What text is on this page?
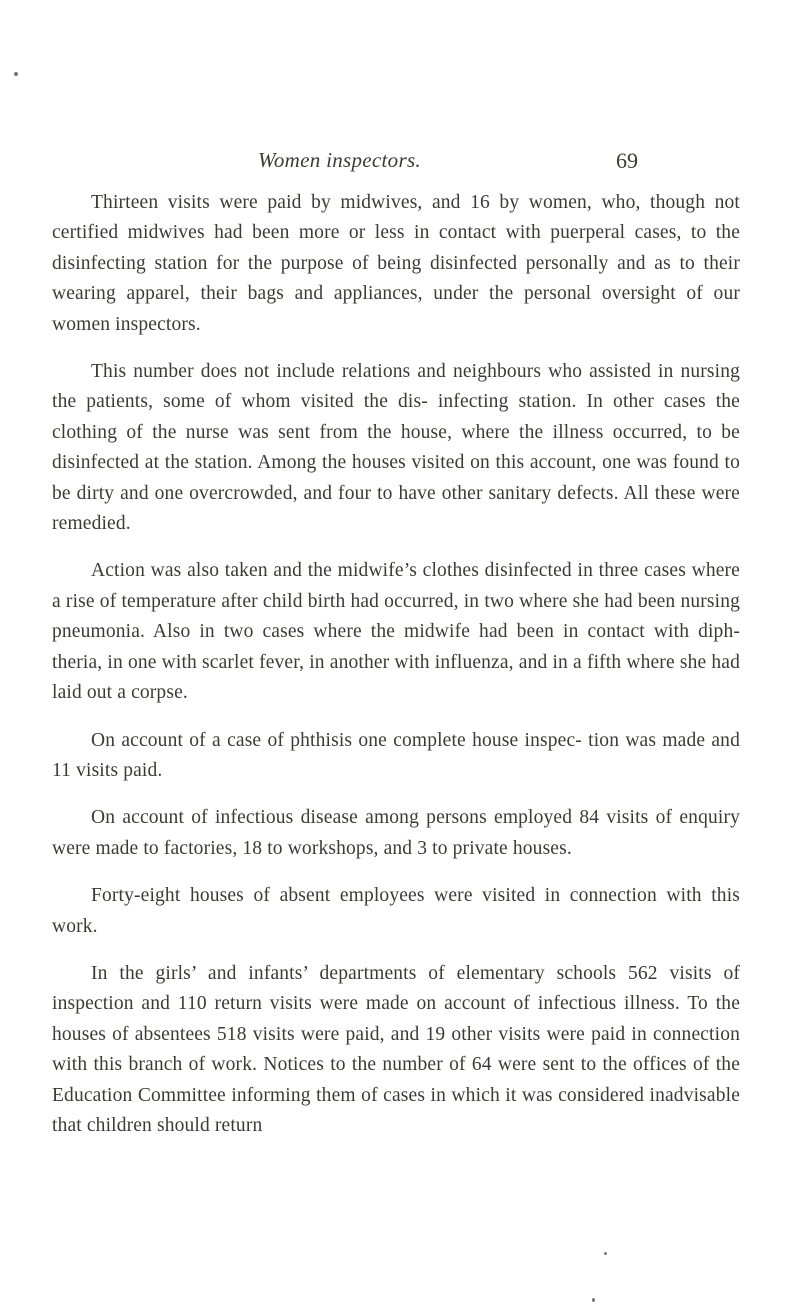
Women inspectors.	69

Thirteen visits were paid by midwives, and 16 by women, who, though not certified midwives had been more or less in contact with puerperal cases, to the disinfecting station for the purpose of being disinfected personally and as to their wearing apparel, their bags and appliances, under the personal oversight of our women inspectors.

This number does not include relations and neighbours who assisted in nursing the patients, some of whom visited the dis- infecting station. In other cases the clothing of the nurse was sent from the house, where the illness occurred, to be disinfected at the station. Among the houses visited on this account, one was found to be dirty and one overcrowded, and four to have other sanitary defects. All these were remedied.

Action was also taken and the midwife’s clothes disinfected in three cases where a rise of temperature after child birth had occurred, in two where she had been nursing pneumonia. Also in two cases where the midwife had been in contact with diph- theria, in one with scarlet fever, in another with influenza, and in a fifth where she had laid out a corpse.

On account of a case of phthisis one complete house inspec- tion was made and 11 visits paid.

On account of infectious disease among persons employed 84 visits of enquiry were made to factories, 18 to workshops, and 3 to private houses.

Forty-eight houses of absent employees were visited in connection with this work.

In the girls’ and infants’ departments of elementary schools 562 visits of inspection and 110 return visits were made on account of infectious illness. To the houses of absentees 518 visits were paid, and 19 other visits were paid in connection with this branch of work. Notices to the number of 64 were sent to the offices of the Education Committee informing them of cases in which it was considered inadvisable that children should return
